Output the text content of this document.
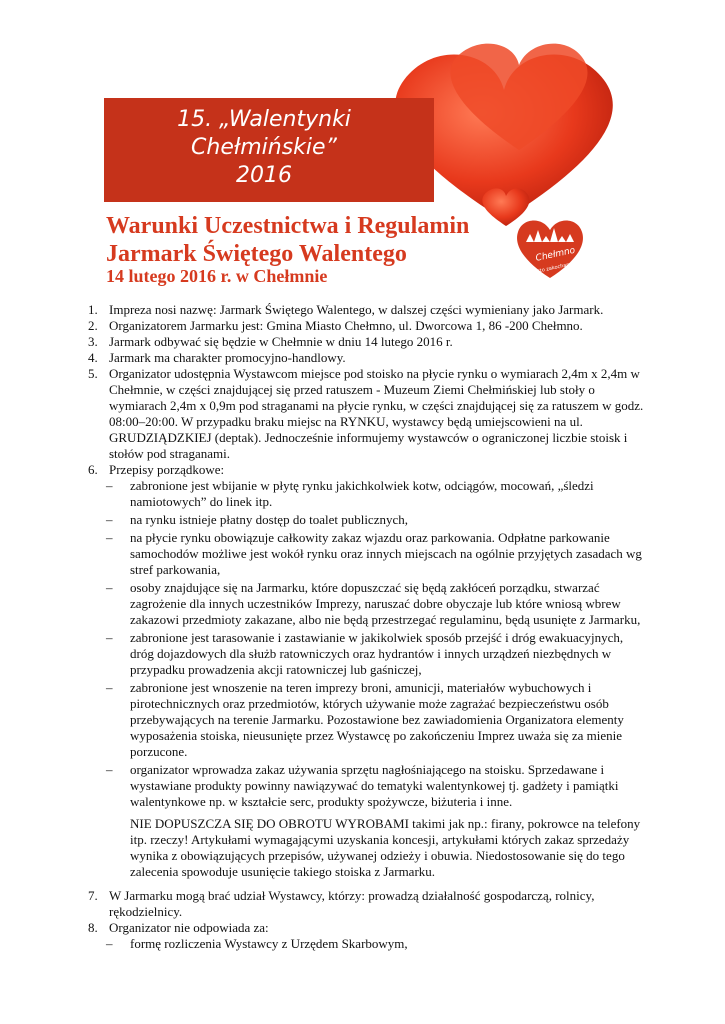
15. „Walentynki Chełmińskie”
2016
Warunki Uczestnictwa i Regulamin
Jarmark Świętego Walentego
14 lutego 2016 r. w Chełmnie
Chełmno
miasto zakochanych

1. Impreza nosi nazwę: Jarmark Świętego Walentego, w dalszej części wymieniany jako Jarmark.

2. Organizatorem Jarmarku jest: Gmina Miasto Chełmno, ul. Dworcowa 1, 86 -200 Chełmno.

3. Jarmark odbywać się będzie w Chełmnie w dniu 14 lutego 2016 r.

4. Jarmark ma charakter promocyjno-handlowy.

5. Organizator udostępnia Wystawcom miejsce pod stoisko na płycie rynku o wymiarach 2,4m x 2,4m w Chełmnie, w części znajdującej się przed ratuszem - Muzeum Ziemi Chełmińskiej lub stoły o wymiarach 2,4m x 0,9m pod straganami na płycie rynku, w części znajdującej się za ratuszem w godz. 08:00–20:00. W przypadku braku miejsc na RYNKU, wystawcy będą umiejscowieni na ul. GRUDZIĄDZKIEJ (deptak). Jednocześnie informujemy wystawców o ograniczonej liczbie stoisk i stołów pod straganami.

6. Przepisy porządkowe:

– zabronione jest wbijanie w płytę rynku jakichkolwiek kotw, odciągów, mocowań, „śledzi namiotowych” do linek itp.

– na rynku istnieje płatny dostęp do toalet publicznych,

– na płycie rynku obowiązuje całkowity zakaz wjazdu oraz parkowania. Odpłatne parkowanie samochodów możliwe jest wokół rynku oraz innych miejscach na ogólnie przyjętych zasadach wg stref parkowania,

– osoby znajdujące się na Jarmarku, które dopuszczać się będą zakłóceń porządku, stwarzać zagrożenie dla innych uczestników Imprezy, naruszać dobre obyczaje lub które wniosą wbrew zakazowi przedmioty zakazane, albo nie będą przestrzegać regulaminu, będą usunięte z Jarmarku,

– zabronione jest tarasowanie i zastawianie w jakikolwiek sposób przejść i dróg ewakuacyjnych, dróg dojazdowych dla służb ratowniczych oraz hydrantów i innych urządzeń niezbędnych w przypadku prowadzenia akcji ratowniczej lub gaśniczej,

– zabronione jest wnoszenie na teren imprezy broni, amunicji, materiałów wybuchowych i pirotechnicznych oraz przedmiotów, których używanie może zagrażać bezpieczeństwu osób przebywających na terenie Jarmarku. Pozostawione bez zawiadomienia Organizatora elementy wyposażenia stoiska, nieusunięte przez Wystawcę po zakończeniu Imprez uważa się za mienie porzucone.

– organizator wprowadza zakaz używania sprzętu nagłośniającego na stoisku. Sprzedawane i wystawiane produkty powinny nawiązywać do tematyki walentynkowej tj. gadżety i pamiątki walentynkowe np. w kształcie serc, produkty spożywcze, biżuteria i inne.

NIE DOPUSZCZA SIĘ DO OBROTU WYROBAMI takimi jak np.: firany, pokrowce na telefony itp. rzeczy! Artykułami wymagającymi uzyskania koncesji, artykułami których zakaz sprzedaży wynika z obowiązujących przepisów, używanej odzieży i obuwia. Niedostosowanie się do tego zalecenia spowoduje usunięcie takiego stoiska z Jarmarku.

7. W Jarmarku mogą brać udział Wystawcy, którzy: prowadzą działalność gospodarczą, rolnicy, rękodzielnicy.

8. Organizator nie odpowiada za:

– formę rozliczenia Wystawcy z Urzędem Skarbowym,
